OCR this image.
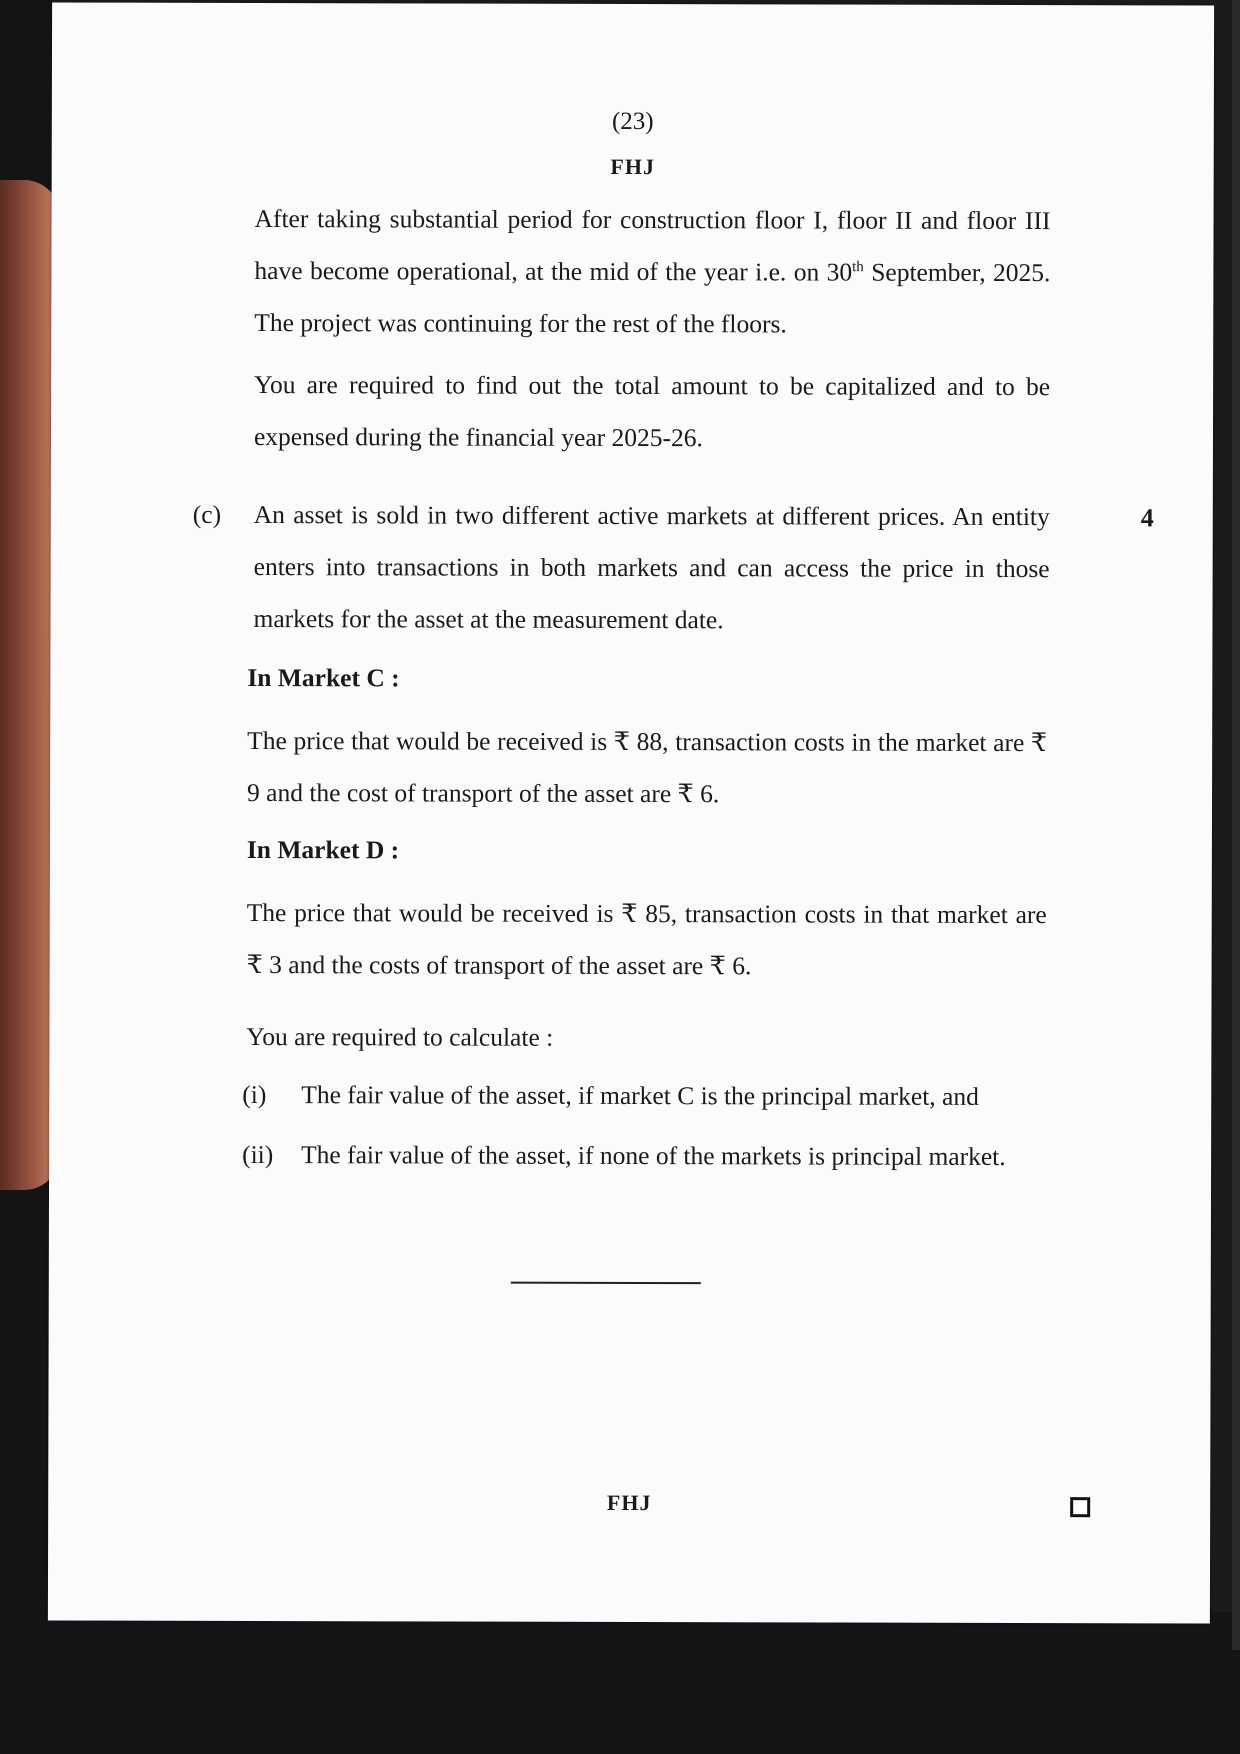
(23)
FHJ
After taking substantial period for construction floor I, floor II and floor III have become operational, at the mid of the year i.e. on 30th September, 2025. The project was continuing for the rest of the floors.
You are required to find out the total amount to be capitalized and to be expensed during the financial year 2025-26.
(c)	4
An asset is sold in two different active markets at different prices. An entity enters into transactions in both markets and can access the price in those markets for the asset at the measurement date.
In Market C :
The price that would be received is ₹ 88, transaction costs in the market are ₹ 9 and the cost of transport of the asset are ₹ 6.
In Market D :
The price that would be received is ₹ 85, transaction costs in that market are ₹ 3 and the costs of transport of the asset are ₹ 6.
You are required to calculate :
(i) The fair value of the asset, if market C is the principal market, and
(ii) The fair value of the asset, if none of the markets is principal market.
FHJ
